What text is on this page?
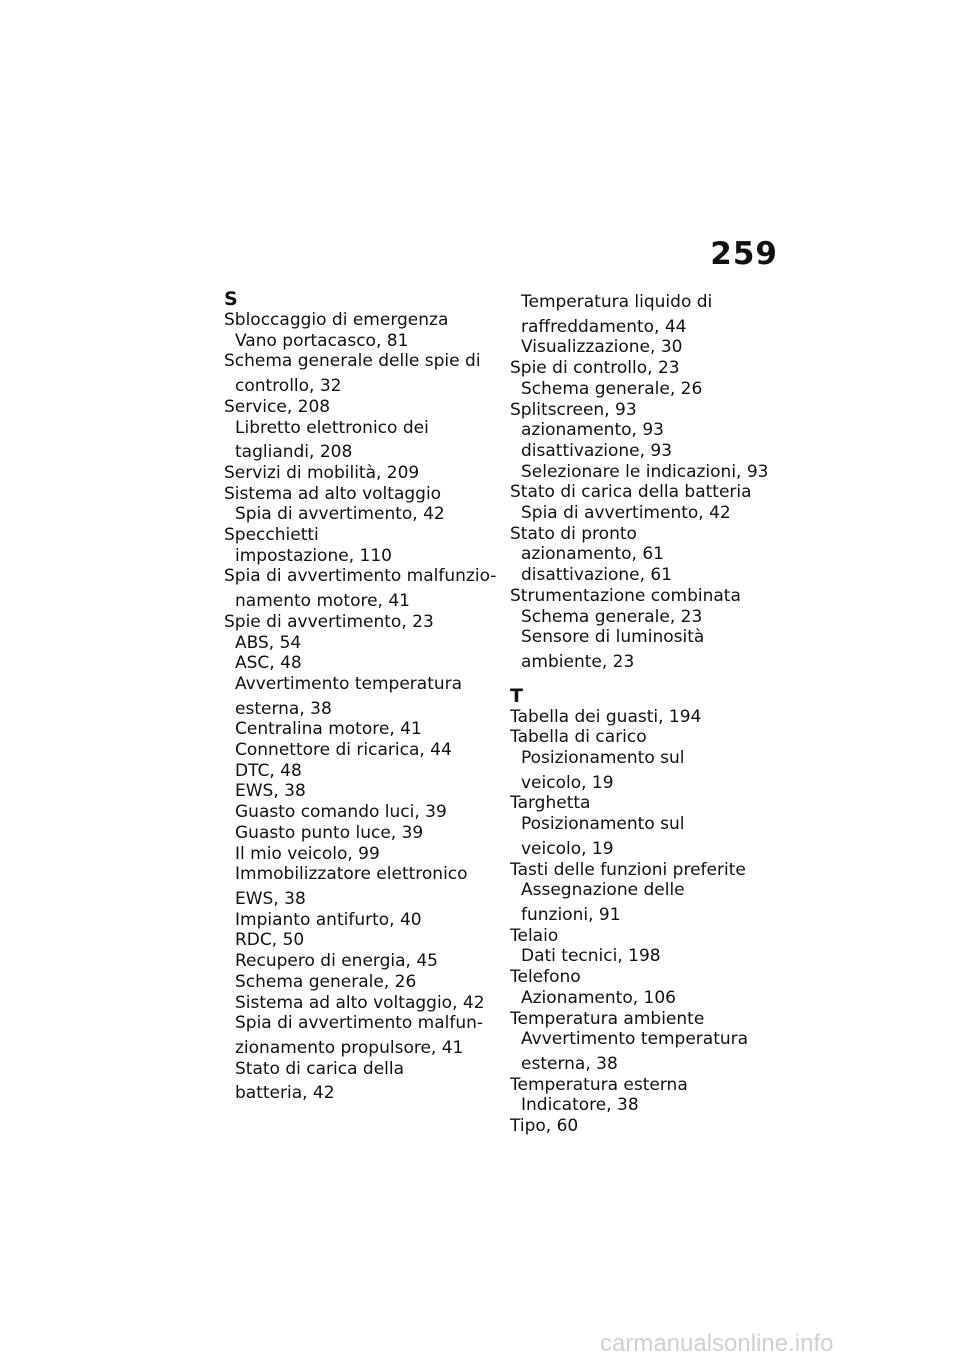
259
S
Sbloccaggio di emergenza
Vano portacasco, 81
Schema generale delle spie di
controllo, 32
Service, 208
Libretto elettronico dei
tagliandi, 208
Servizi di mobilità, 209
Sistema ad alto voltaggio
Spia di avvertimento, 42
Specchietti
impostazione, 110
Spia di avvertimento malfunzio-
namento motore, 41
Spie di avvertimento, 23
ABS, 54
ASC, 48
Avvertimento temperatura
esterna, 38
Centralina motore, 41
Connettore di ricarica, 44
DTC, 48
EWS, 38
Guasto comando luci, 39
Guasto punto luce, 39
Il mio veicolo, 99
Immobilizzatore elettronico
EWS, 38
Impianto antifurto, 40
RDC, 50
Recupero di energia, 45
Schema generale, 26
Sistema ad alto voltaggio, 42
Spia di avvertimento malfun-
zionamento propulsore, 41
Stato di carica della
batteria, 42
Temperatura liquido di
raffreddamento, 44
Visualizzazione, 30
Spie di controllo, 23
Schema generale, 26
Splitscreen, 93
azionamento, 93
disattivazione, 93
Selezionare le indicazioni, 93
Stato di carica della batteria
Spia di avvertimento, 42
Stato di pronto
azionamento, 61
disattivazione, 61
Strumentazione combinata
Schema generale, 23
Sensore di luminosità
ambiente, 23
T
Tabella dei guasti, 194
Tabella di carico
Posizionamento sul
veicolo, 19
Targhetta
Posizionamento sul
veicolo, 19
Tasti delle funzioni preferite
Assegnazione delle
funzioni, 91
Telaio
Dati tecnici, 198
Telefono
Azionamento, 106
Temperatura ambiente
Avvertimento temperatura
esterna, 38
Temperatura esterna
Indicatore, 38
Tipo, 60
carmanualsonline.info
